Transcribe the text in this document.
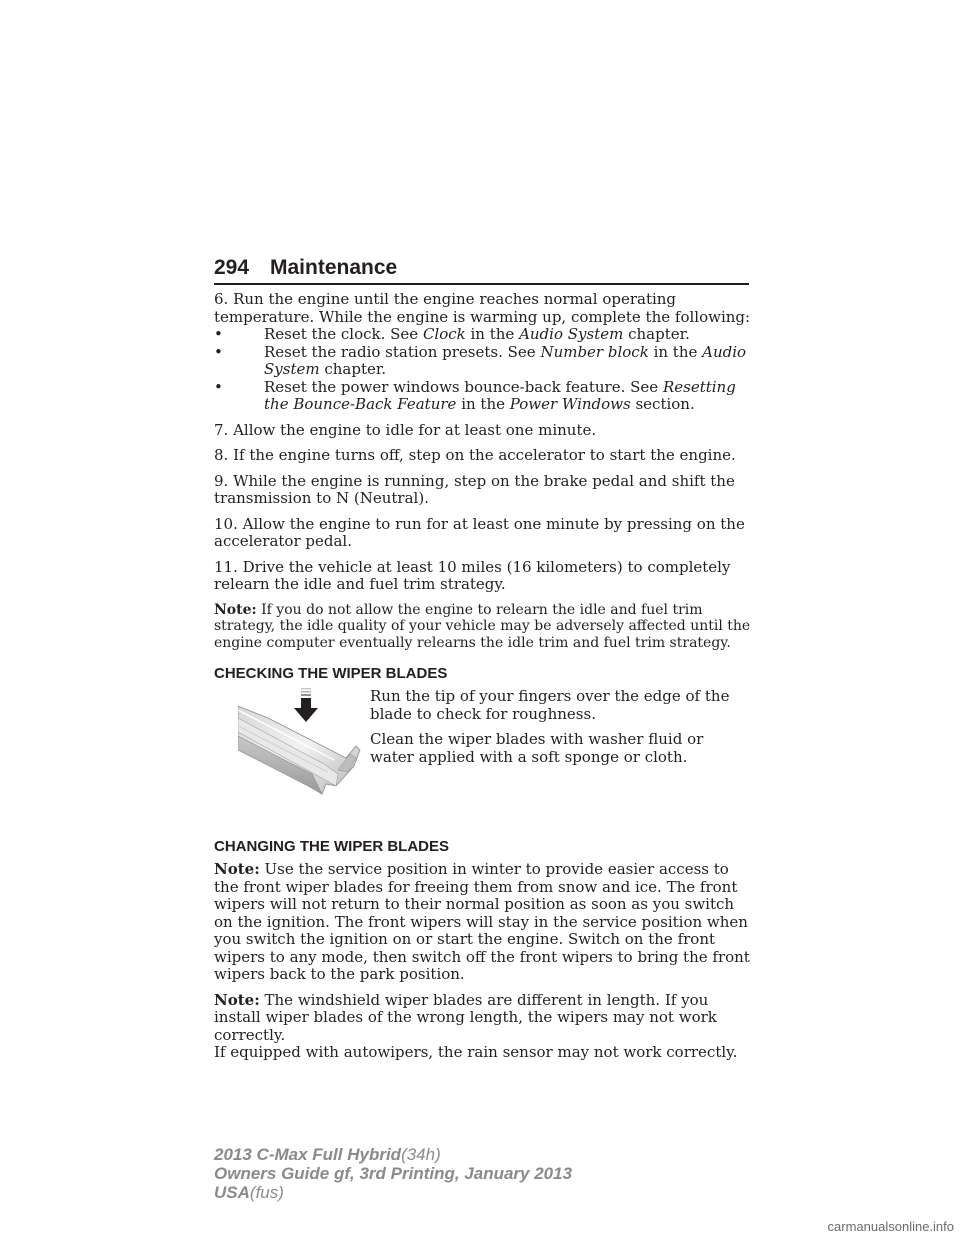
294 Maintenance

6. Run the engine until the engine reaches normal operating temperature. While the engine is warming up, complete the following:

•	Reset the clock. See Clock in the Audio System chapter.
•	Reset the radio station presets. See Number block in the Audio System chapter.
•	Reset the power windows bounce-back feature. See Resetting the Bounce-Back Feature in the Power Windows section.

7. Allow the engine to idle for at least one minute.

8. If the engine turns off, step on the accelerator to start the engine.

9. While the engine is running, step on the brake pedal and shift the transmission to N (Neutral).

10. Allow the engine to run for at least one minute by pressing on the accelerator pedal.

11. Drive the vehicle at least 10 miles (16 kilometers) to completely relearn the idle and fuel trim strategy.

Note: If you do not allow the engine to relearn the idle and fuel trim strategy, the idle quality of your vehicle may be adversely affected until the engine computer eventually relearns the idle trim and fuel trim strategy.

CHECKING THE WIPER BLADES

Run the tip of your fingers over the edge of the blade to check for roughness.

Clean the wiper blades with washer fluid or water applied with a soft sponge or cloth.

CHANGING THE WIPER BLADES

Note: Use the service position in winter to provide easier access to the front wiper blades for freeing them from snow and ice. The front wipers will not return to their normal position as soon as you switch on the ignition. The front wipers will stay in the service position when you switch the ignition on or start the engine. Switch on the front wipers to any mode, then switch off the front wipers to bring the front wipers back to the park position.

Note: The windshield wiper blades are different in length. If you install wiper blades of the wrong length, the wipers may not work correctly.

If equipped with autowipers, the rain sensor may not work correctly.

2013 C-Max Full Hybrid(34h)
Owners Guide gf, 3rd Printing, January 2013
USA(fus)
carmanualsonline.info
